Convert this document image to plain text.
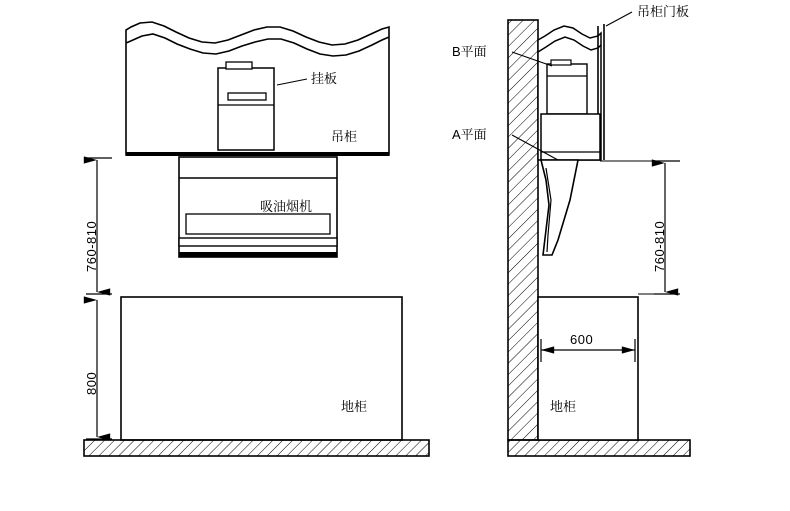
挂板
吊柜
吸油烟机
地柜
760-810
800
吊柜门板
B平面
A平面
地柜
760-810
600
